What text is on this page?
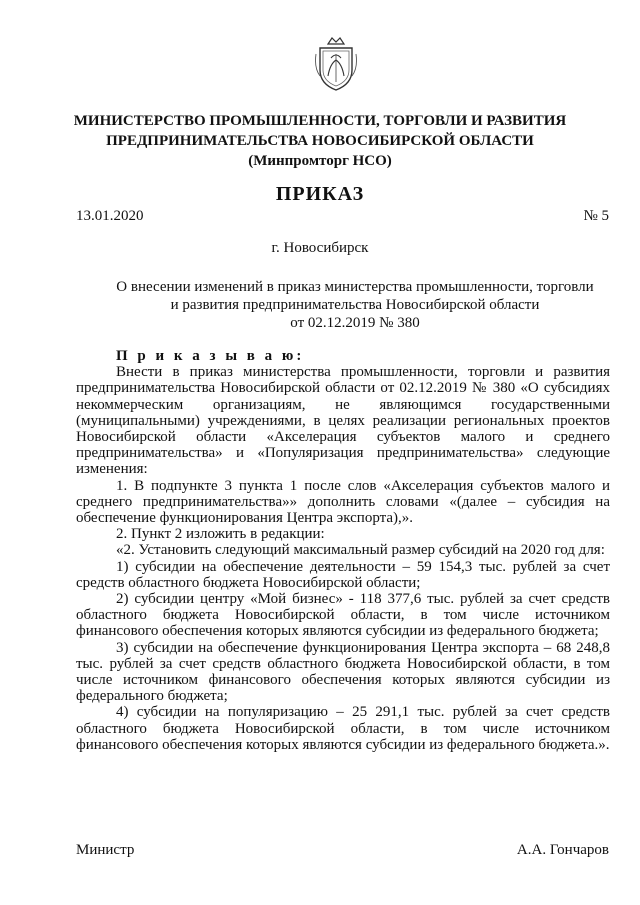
МИНИСТЕРСТВО ПРОМЫШЛЕННОСТИ, ТОРГОВЛИ И РАЗВИТИЯ
ПРЕДПРИНИМАТЕЛЬСТВА НОВОСИБИРСКОЙ ОБЛАСТИ
(Минпромторг НСО)
ПРИКАЗ
13.01.2020	№ 5
г. Новосибирск
О внесении изменений в приказ министерства промышленности, торговли
и развития предпринимательства Новосибирской области
от 02.12.2019 № 380

П р и к а з ы в а ю:

Внести в приказ министерства промышленности, торговли и развития предпринимательства Новосибирской области от 02.12.2019 № 380 «О субсидиях некоммерческим организациям, не являющимся государственными (муниципальными) учреждениями, в целях реализации региональных проектов Новосибирской области «Акселерация субъектов малого и среднего предпринимательства» и «Популяризация предпринимательства» следующие изменения:

1. В подпункте 3 пункта 1 после слов «Акселерация субъектов малого и среднего предпринимательства»» дополнить словами «(далее – субсидия на обеспечение функционирования Центра экспорта),».

2. Пункт 2 изложить в редакции:

«2. Установить следующий максимальный размер субсидий на 2020 год для:

1) субсидии на обеспечение деятельности – 59 154,3 тыс. рублей за счет средств областного бюджета Новосибирской области;

2) субсидии центру «Мой бизнес» - 118 377,6 тыс. рублей за счет средств областного бюджета Новосибирской области, в том числе источником финансового обеспечения которых являются субсидии из федерального бюджета;

3) субсидии на обеспечение функционирования Центра экспорта – 68 248,8 тыс. рублей за счет средств областного бюджета Новосибирской области, в том числе источником финансового обеспечения которых являются субсидии из федерального бюджета;

4) субсидии на популяризацию – 25 291,1 тыс. рублей за счет средств областного бюджета Новосибирской области, в том числе источником финансового обеспечения которых являются субсидии из федерального бюджета.».

Министр	А.А. Гончаров
